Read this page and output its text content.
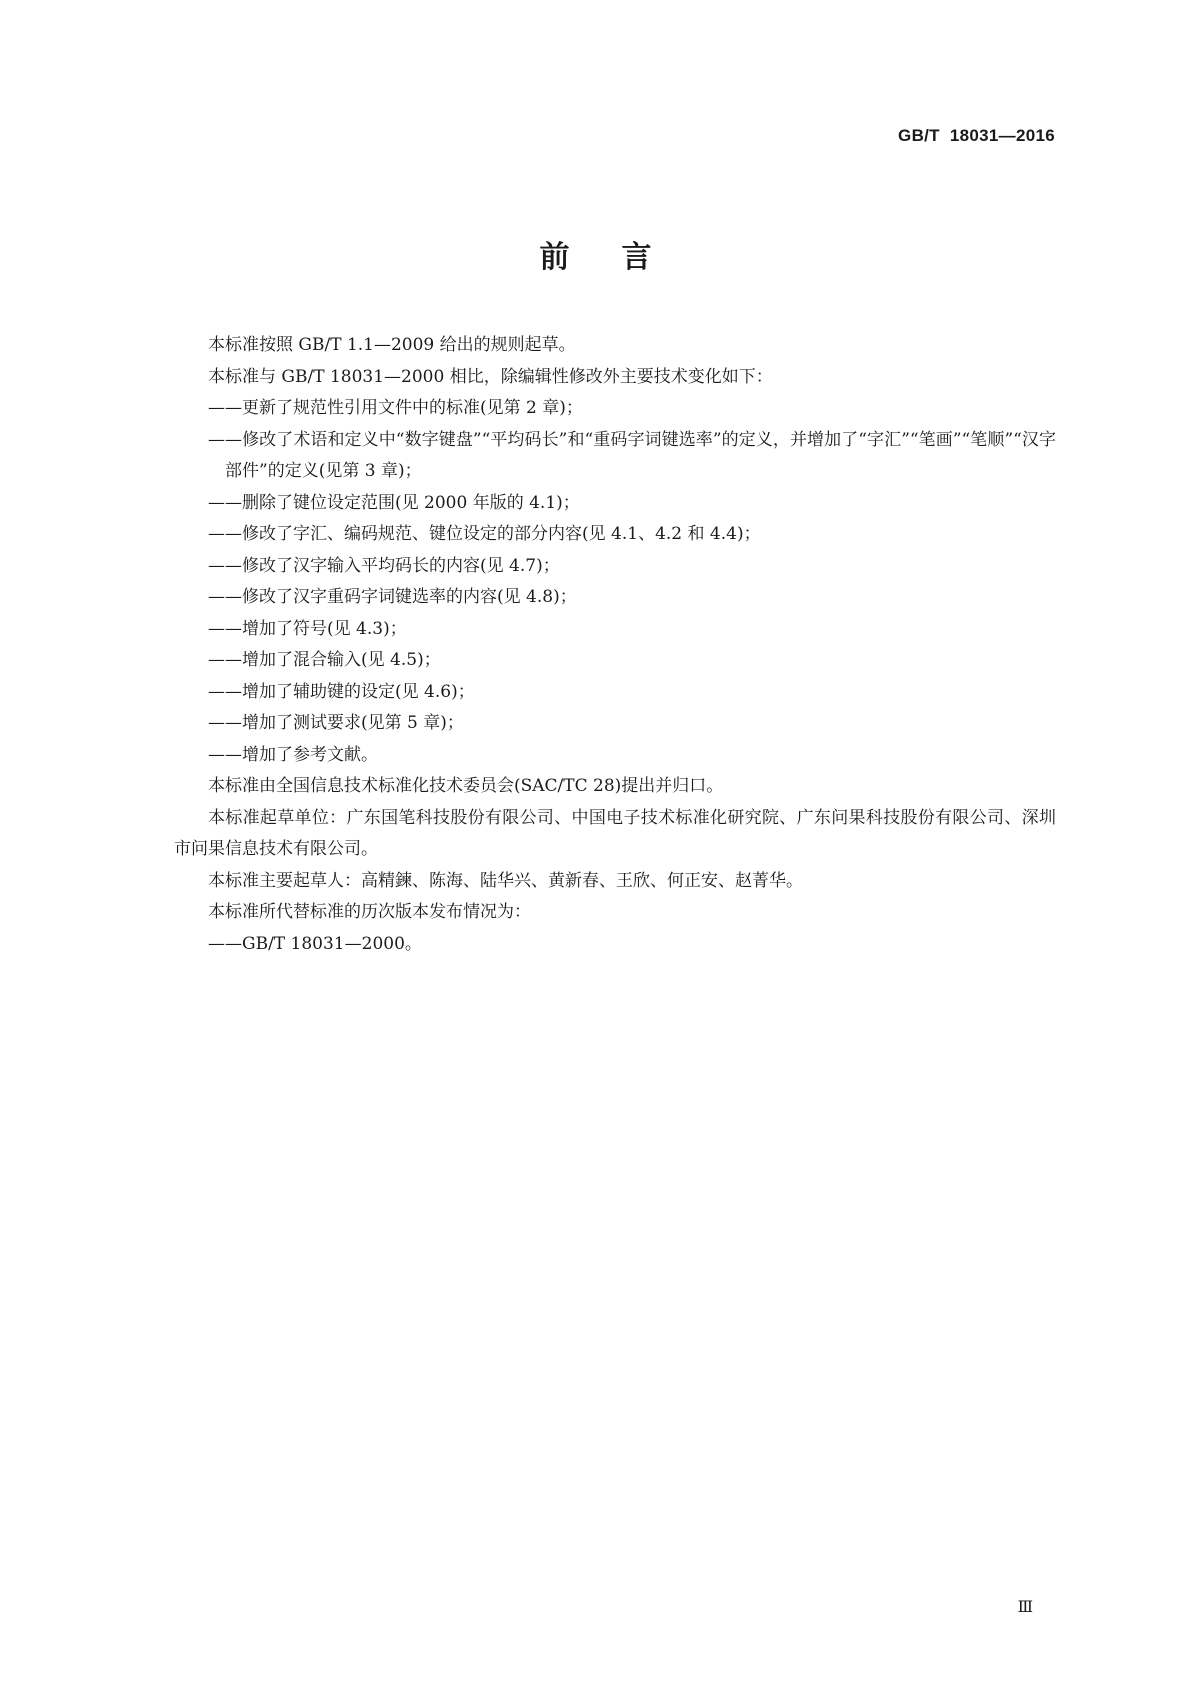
GB/T 18031—2016
前言

本标准按照 GB/T 1.1—2009 给出的规则起草。

本标准与 GB/T 18031—2000 相比，除编辑性修改外主要技术变化如下：

——更新了规范性引用文件中的标准(见第 2 章)；

——修改了术语和定义中“数字键盘”“平均码长”和“重码字词键选率”的定义，并增加了“字汇”“笔画”“笔顺”“汉字部件”的定义(见第 3 章)；

——删除了键位设定范围(见 2000 年版的 4.1)；

——修改了字汇、编码规范、键位设定的部分内容(见 4.1、4.2 和 4.4)；

——修改了汉字输入平均码长的内容(见 4.7)；

——修改了汉字重码字词键选率的内容(见 4.8)；

——增加了符号(见 4.3)；

——增加了混合输入(见 4.5)；

——增加了辅助键的设定(见 4.6)；

——增加了测试要求(见第 5 章)；

——增加了参考文献。

本标准由全国信息技术标准化技术委员会(SAC/TC 28)提出并归口。

本标准起草单位：广东国笔科技股份有限公司、中国电子技术标准化研究院、广东问果科技股份有限公司、深圳市问果信息技术有限公司。

本标准主要起草人：高精鍊、陈海、陆华兴、黄新春、王欣、何正安、赵菁华。

本标准所代替标准的历次版本发布情况为：

——GB/T 18031—2000。

Ⅲ
